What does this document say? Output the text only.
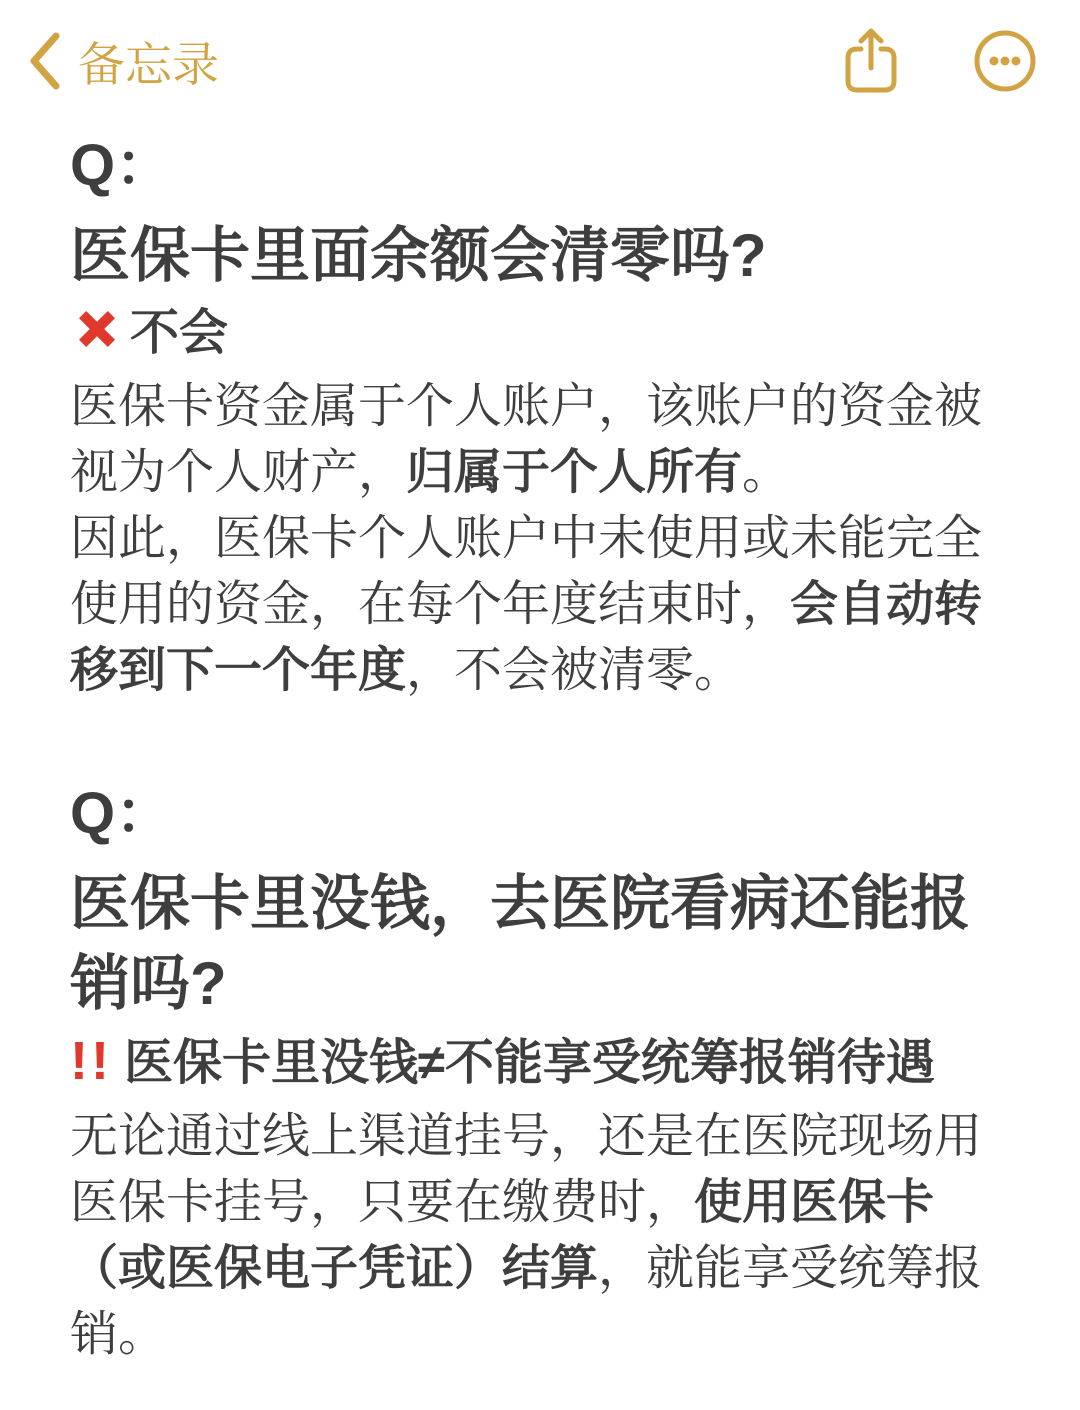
备忘录
Q：
医保卡里面余额会清零吗?
不会

医保卡资金属于个人账户，该账户的资金被视为个人财产，归属于个人所有。

因此，医保卡个人账户中未使用或未能完全使用的资金，在每个年度结束时，会自动转移到下一个年度，不会被清零。

Q：
医保卡里没钱，去医院看病还能报销吗?
!! 医保卡里没钱≠不能享受统筹报销待遇

无论通过线上渠道挂号，还是在医院现场用医保卡挂号，只要在缴费时，使用医保卡（或医保电子凭证）结算，就能享受统筹报销。
